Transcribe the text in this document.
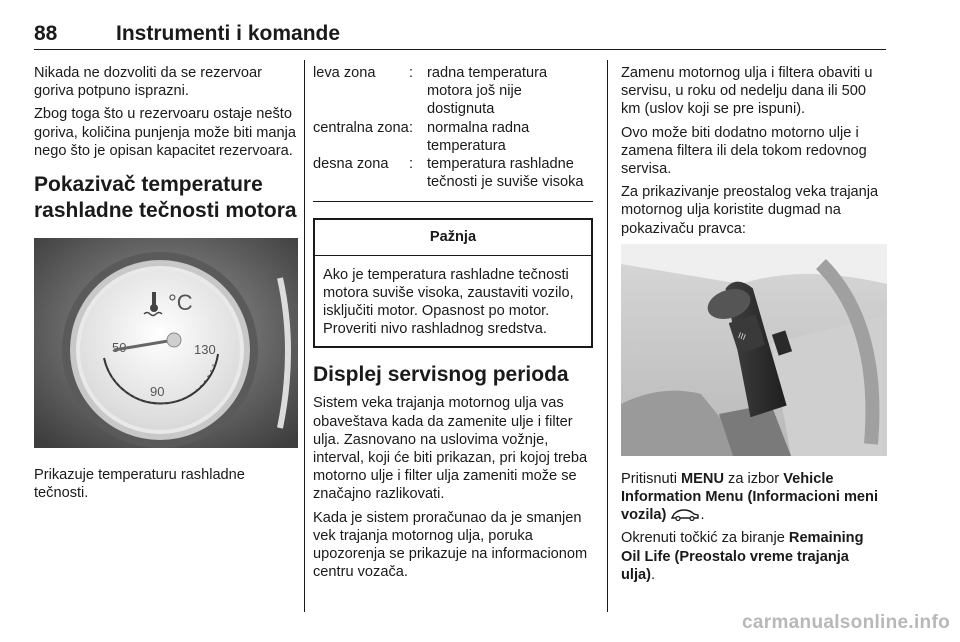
88	Instrumenti i komande

Nikada ne dozvoliti da se rezervoar goriva potpuno isprazni.

Zbog toga što u rezervoaru ostaje nešto goriva, količina punjenja može biti manja nego što je opisan kapacitet rezervoara.

Pokazivač temperature rashladne tečnosti motora
°C
50
90
130

Prikazuje temperaturu rashladne tečnosti.

leva zona	:	radna temperatura motora još nije dostignuta
centralna zona	:	normalna radna temperatura
desna zona	:	temperatura rashladne tečnosti je suviše visoka
Pažnja
Ako je temperatura rashladne tečnosti motora suviše visoka, zaustaviti vozilo, isključiti motor. Opasnost po motor. Proveriti nivo rashladnog sredstva.
Displej servisnog perioda

Sistem veka trajanja motornog ulja vas obaveštava kada da zamenite ulje i filter ulja. Zasnovano na uslovima vožnje, interval, koji će biti prikazan, pri kojoj treba motorno ulje i filter ulja zameniti može se značajno razlikovati.

Kada je sistem proračunao da je smanjen vek trajanja motornog ulja, poruka upozorenja se prikazuje na informacionom centru vozača.

Zamenu motornog ulja i filtera obaviti u servisu, u roku od nedelju dana ili 500 km (uslov koji se pre ispuni).

Ovo može biti dodatno motorno ulje i zamena filtera ili dela tokom redovnog servisa.

Za prikazivanje preostalog veka trajanja motornog ulja koristite dugmad na pokazivaču pravca:

☰

Pritisnuti MENU za izbor Vehicle Information Menu (Informacioni meni vozila) .

Okrenuti točkić za biranje Remaining Oil Life (Preostalo vreme trajanja ulja).

carmanualsonline.info
